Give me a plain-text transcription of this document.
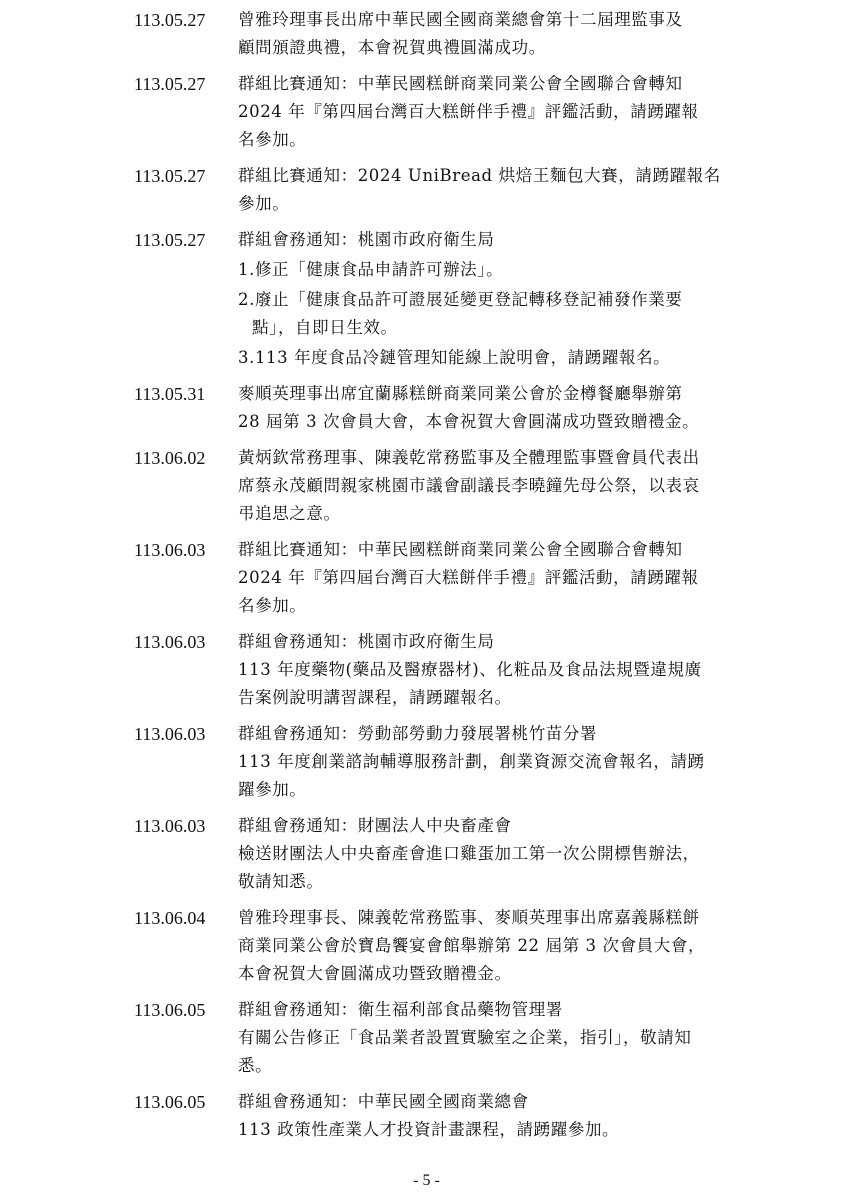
113.05.27	曾雅玲理事長出席中華民國全國商業總會第十二屆理監事及
顧問頒證典禮，本會祝賀典禮圓滿成功。
113.05.27	群組比賽通知：中華民國糕餅商業同業公會全國聯合會轉知
2024 年『第四屆台灣百大糕餅伴手禮』評鑑活動，請踴躍報
名參加。
113.05.27	群組比賽通知：2024 UniBread 烘焙王麵包大賽，請踴躍報名
參加。
113.05.27	群組會務通知：桃園市政府衛生局
1.修正「健康食品申請許可辦法」。
2.廢止「健康食品許可證展延變更登記轉移登記補發作業要
點」，自即日生效。
3.113 年度食品冷鏈管理知能線上說明會，請踴躍報名。
113.05.31	麥順英理事出席宜蘭縣糕餅商業同業公會於金樽餐廳舉辦第
28 屆第 3 次會員大會，本會祝賀大會圓滿成功暨致贈禮金。
113.06.02	黃炳欽常務理事、陳義乾常務監事及全體理監事暨會員代表出
席蔡永茂顧問親家桃園市議會副議長李曉鐘先母公祭，以表哀
弔追思之意。
113.06.03	群組比賽通知：中華民國糕餅商業同業公會全國聯合會轉知
2024 年『第四屆台灣百大糕餅伴手禮』評鑑活動，請踴躍報
名參加。
113.06.03	群組會務通知：桃園市政府衛生局
113 年度藥物(藥品及醫療器材)、化粧品及食品法規暨違規廣
告案例說明講習課程，請踴躍報名。
113.06.03	群組會務通知：勞動部勞動力發展署桃竹苗分署
113 年度創業諮詢輔導服務計劃，創業資源交流會報名，請踴
躍參加。
113.06.03	群組會務通知：財團法人中央畜產會
檢送財團法人中央畜產會進口雞蛋加工第一次公開標售辦法，
敬請知悉。
113.06.04	曾雅玲理事長、陳義乾常務監事、麥順英理事出席嘉義縣糕餅
商業同業公會於寶島饗宴會館舉辦第 22 屆第 3 次會員大會，
本會祝賀大會圓滿成功暨致贈禮金。
113.06.05	群組會務通知：衛生福利部食品藥物管理署
有關公告修正「食品業者設置實驗室之企業，指引」，敬請知
悉。
113.06.05	群組會務通知：中華民國全國商業總會
113 政策性產業人才投資計畫課程，請踴躍參加。
- 5 -
